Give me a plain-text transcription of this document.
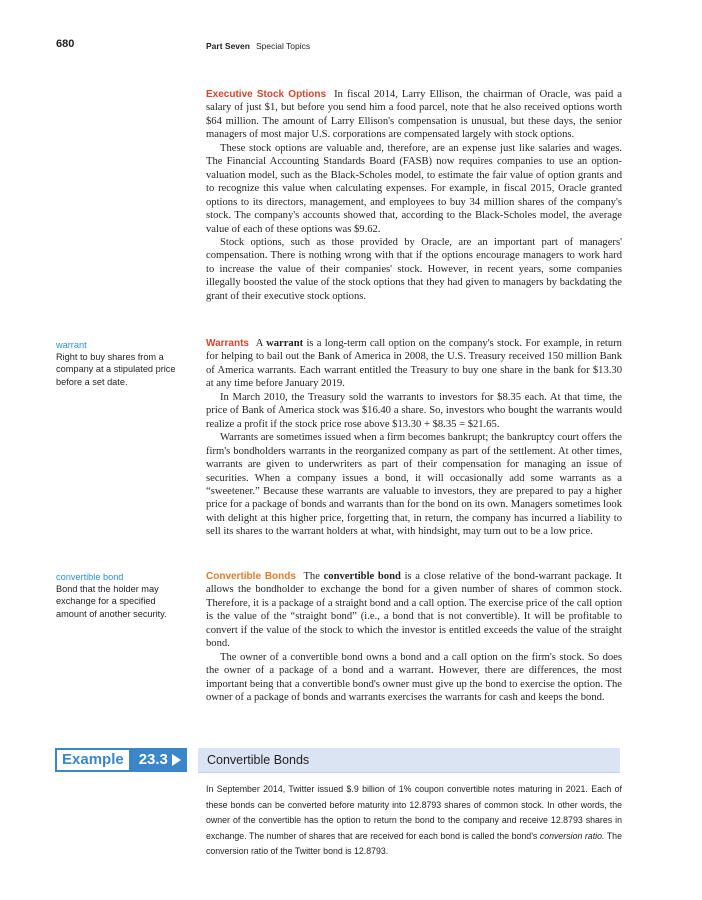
680	Part Seven Special Topics

Executive Stock Options In fiscal 2014, Larry Ellison, the chairman of Oracle, was paid a salary of just $1, but before you send him a food parcel, note that he also received options worth $64 million. The amount of Larry Ellison's compensation is unusual, but these days, the senior managers of most major U.S. corporations are compensated largely with stock options.

These stock options are valuable and, therefore, are an expense just like salaries and wages. The Financial Accounting Standards Board (FASB) now requires companies to use an option-valuation model, such as the Black-Scholes model, to estimate the fair value of option grants and to recognize this value when calculating expenses. For example, in fiscal 2015, Oracle granted options to its directors, management, and employees to buy 34 million shares of the company's stock. The company's accounts showed that, according to the Black-Scholes model, the average value of each of these options was $9.62.

Stock options, such as those provided by Oracle, are an important part of managers' compensation. There is nothing wrong with that if the options encourage managers to work hard to increase the value of their companies' stock. However, in recent years, some companies illegally boosted the value of the stock options that they had given to managers by backdating the grant of their executive stock options.

warrant
Right to buy shares from a company at a stipulated price before a set date.

Warrants A warrant is a long-term call option on the company's stock. For example, in return for helping to bail out the Bank of America in 2008, the U.S. Treasury received 150 million Bank of America warrants. Each warrant entitled the Treasury to buy one share in the bank for $13.30 at any time before January 2019.

In March 2010, the Treasury sold the warrants to investors for $8.35 each. At that time, the price of Bank of America stock was $16.40 a share. So, investors who bought the warrants would realize a profit if the stock price rose above $13.30 + $8.35 = $21.65.

Warrants are sometimes issued when a firm becomes bankrupt; the bankruptcy court offers the firm's bondholders warrants in the reorganized company as part of the settlement. At other times, warrants are given to underwriters as part of their compensation for managing an issue of securities. When a company issues a bond, it will occasionally add some warrants as a “sweetener.” Because these warrants are valuable to investors, they are prepared to pay a higher price for a package of bonds and warrants than for the bond on its own. Managers sometimes look with delight at this higher price, forgetting that, in return, the company has incurred a liability to sell its shares to the warrant holders at what, with hindsight, may turn out to be a low price.

convertible bond
Bond that the holder may exchange for a specified amount of another security.

Convertible Bonds The convertible bond is a close relative of the bond-warrant package. It allows the bondholder to exchange the bond for a given number of shares of common stock. Therefore, it is a package of a straight bond and a call option. The exercise price of the call option is the value of the “straight bond” (i.e., a bond that is not convertible). It will be profitable to convert if the value of the stock to which the investor is entitled exceeds the value of the straight bond.

The owner of a convertible bond owns a bond and a call option on the firm's stock. So does the owner of a package of a bond and a warrant. However, there are differences, the most important being that a convertible bond's owner must give up the bond to exercise the option. The owner of a package of bonds and warrants exercises the warrants for cash and keeps the bond.

Example	23.3	Convertible Bonds

In September 2014, Twitter issued $.9 billion of 1% coupon convertible notes maturing in 2021. Each of these bonds can be converted before maturity into 12.8793 shares of common stock. In other words, the owner of the convertible has the option to return the bond to the company and receive 12.8793 shares in exchange. The number of shares that are received for each bond is called the bond's conversion ratio. The conversion ratio of the Twitter bond is 12.8793.
